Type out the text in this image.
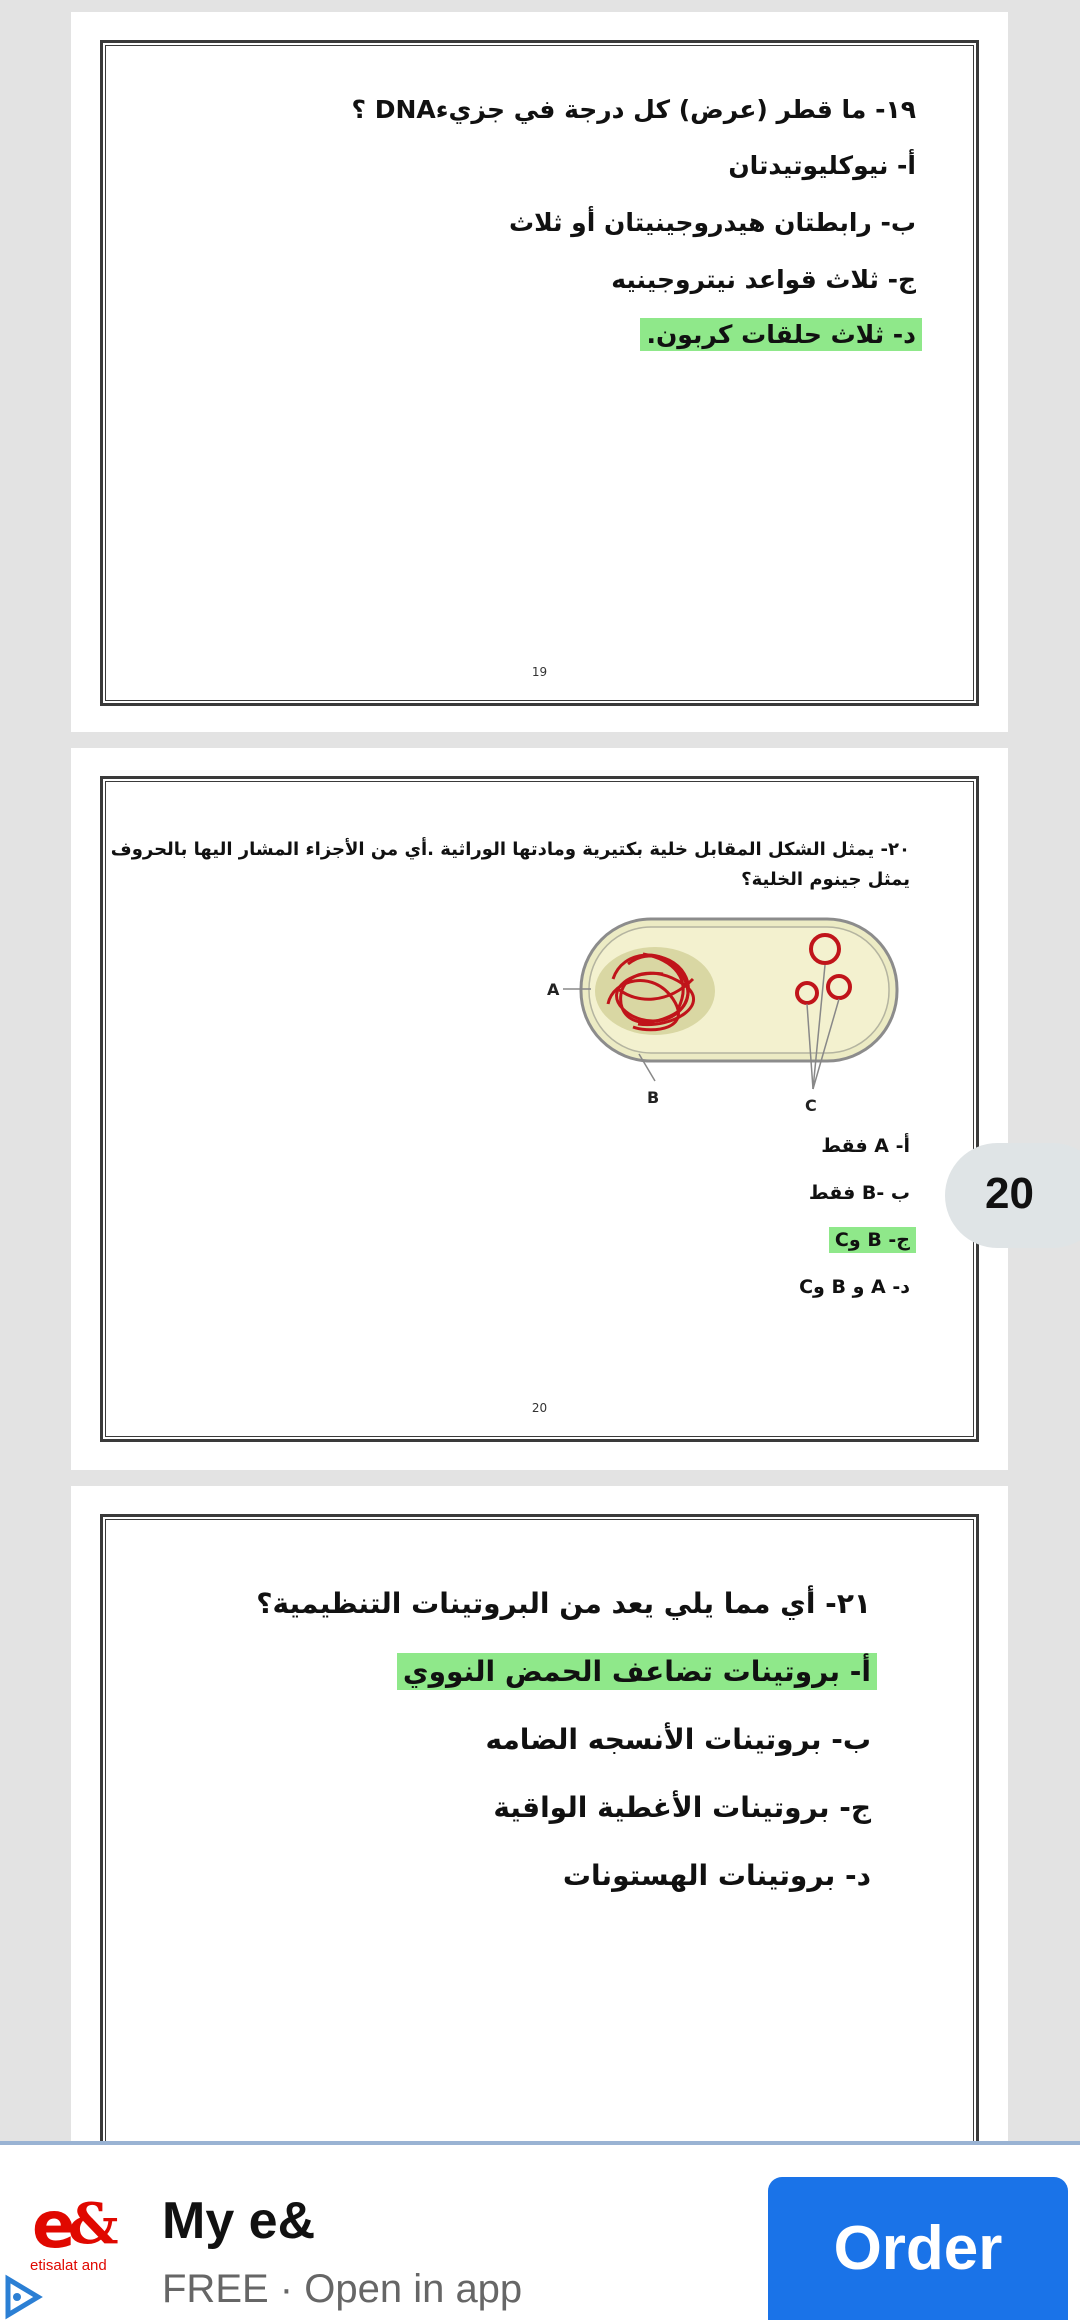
١٩- ما قطر (عرض) كل درجة في جزيءDNA ؟
أ- نيوكليوتيدتان
ب- رابطتان هيدروجينيتان أو ثلاث
ج- ثلاث قواعد نيتروجينيه
د- ثلاث حلقات كربون.
19
٢٠- يمثل الشكل المقابل خلية بكتيرية ومادتها الوراثية .أي من الأجزاء المشار اليها بالحروف
يمثل جينوم الخلية؟
A
B	C
أ- A فقط
ب -B فقط
ج- B وC
د- A و B وC
20
٢١- أي مما يلي يعد من البروتينات التنظيمية؟
أ- بروتينات تضاعف الحمض النووي
ب- بروتينات الأنسجه الضامه
ج- بروتينات الأغطية الواقية
د- بروتينات الهستونات
20
e
&
etisalat and
My e&
FREE · Open in app
Order
